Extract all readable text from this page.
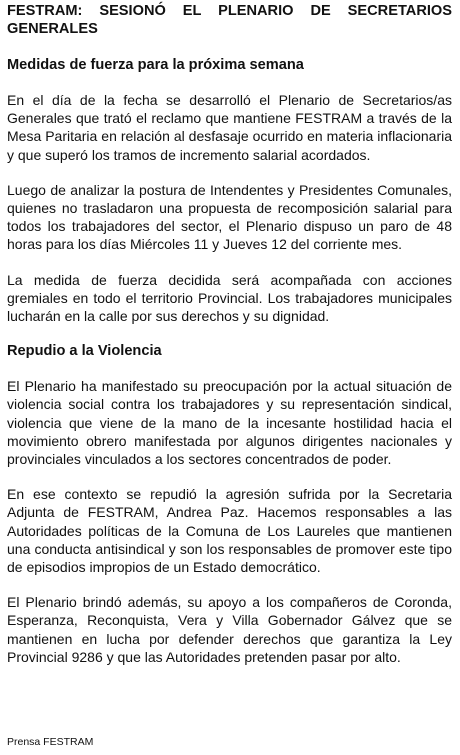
FESTRAM: SESIONÓ EL PLENARIO DE SECRETARIOS GENERALES
Medidas de fuerza para la próxima semana

En el día de la fecha se desarrolló el Plenario de Secretarios/as Generales que trató el reclamo que mantiene FESTRAM a través de la Mesa Paritaria en relación al desfasaje ocurrido en materia inflacionaria y que superó los tramos de incremento salarial acordados.

Luego de analizar la postura de Intendentes y Presidentes Comunales, quienes no trasladaron una propuesta de recomposición salarial para todos los trabajadores del sector, el Plenario dispuso un paro de 48 horas para los días Miércoles 11 y Jueves 12 del corriente mes.

La medida de fuerza decidida será acompañada con acciones gremiales en todo el territorio Provincial. Los trabajadores municipales lucharán en la calle por sus derechos y su dignidad.

Repudio a la Violencia

El Plenario ha manifestado su preocupación por la actual situación de violencia social contra los trabajadores y su representación sindical, violencia que viene de la mano de la incesante hostilidad hacia el movimiento obrero manifestada por algunos dirigentes nacionales y provinciales vinculados a los sectores concentrados de poder.

En ese contexto se repudió la agresión sufrida por la Secretaria Adjunta de FESTRAM, Andrea Paz. Hacemos responsables a las Autoridades políticas de la Comuna de Los Laureles que mantienen una conducta antisindical y son los responsables de promover este tipo de episodios impropios de un Estado democrático.

El Plenario brindó además, su apoyo a los compañeros de Coronda, Esperanza, Reconquista, Vera y Villa Gobernador Gálvez que se mantienen en lucha por defender derechos que garantiza la Ley Provincial 9286 y que las Autoridades pretenden pasar por alto.

Prensa FESTRAM
